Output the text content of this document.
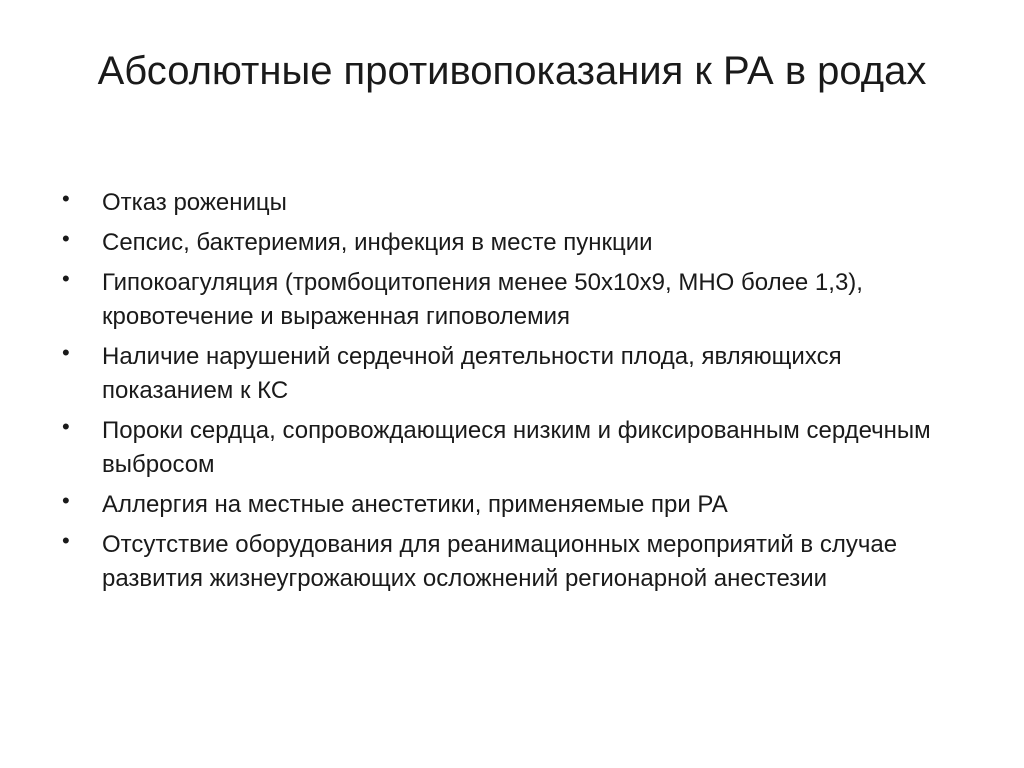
Абсолютные противопоказания к РА в родах
• Отказ роженицы
• Сепсис, бактериемия, инфекция в месте пункции
• Гипокоагуляция (тромбоцитопения менее 50х10х9, МНО более 1,3), кровотечение и выраженная гиповолемия
• Наличие нарушений сердечной деятельности плода, являющихся показанием к КС
• Пороки сердца, сопровождающиеся низким и фиксированным сердечным выбросом
• Аллергия на местные анестетики, применяемые при РА
• Отсутствие оборудования для реанимационных мероприятий в случае развития жизнеугрожающих осложнений регионарной анестезии
